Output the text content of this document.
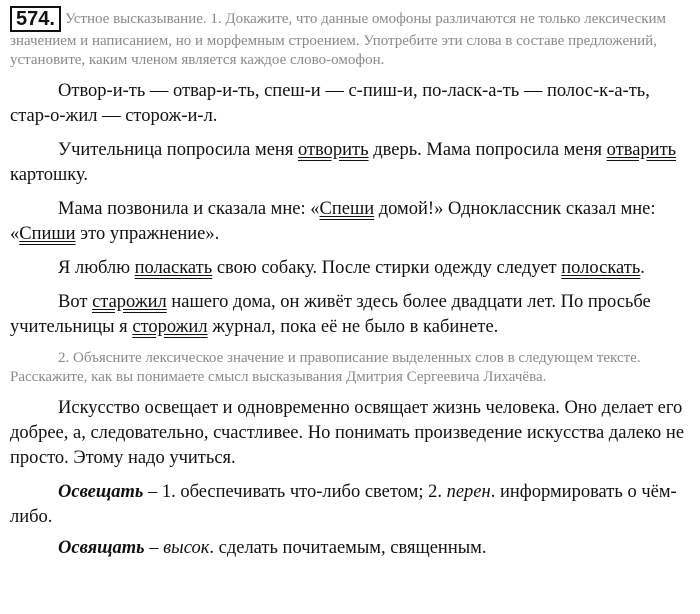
574. Устное высказывание. 1. Докажите, что данные омофоны различаются не только лексическим значением и написанием, но и морфемным строением. Употребите эти слова в составе предложений, установите, каким членом является каждое слово-омофон.

Отвор-и-ть — отвар-и-ть, спеш-и — с-пиш-и, по-ласк-а-ть — полос-к-а-ть, стар-о-жил — сторож-и-л.

Учительница попросила меня отворить дверь. Мама попросила меня отварить картошку.

Мама позвонила и сказала мне: «Спеши домой!» Одноклассник сказал мне: «Спиши это упражнение».

Я люблю поласкать свою собаку. После стирки одежду следует полоскать.

Вот старожил нашего дома, он живёт здесь более двадцати лет. По просьбе учительницы я сторожил журнал, пока её не было в кабинете.

2. Объясните лексическое значение и правописание выделенных слов в следующем тексте. Расскажите, как вы понимаете смысл высказывания Дмитрия Сергеевича Лихачёва.

Искусство освещает и одновременно освящает жизнь человека. Оно делает его добрее, а, следовательно, счастливее. Но понимать произведение искусства далеко не просто. Этому надо учиться.

Освещать – 1. обеспечивать что-либо светом; 2. перен. информировать о чём-либо.

Освящать – высок. сделать почитаемым, священным.
